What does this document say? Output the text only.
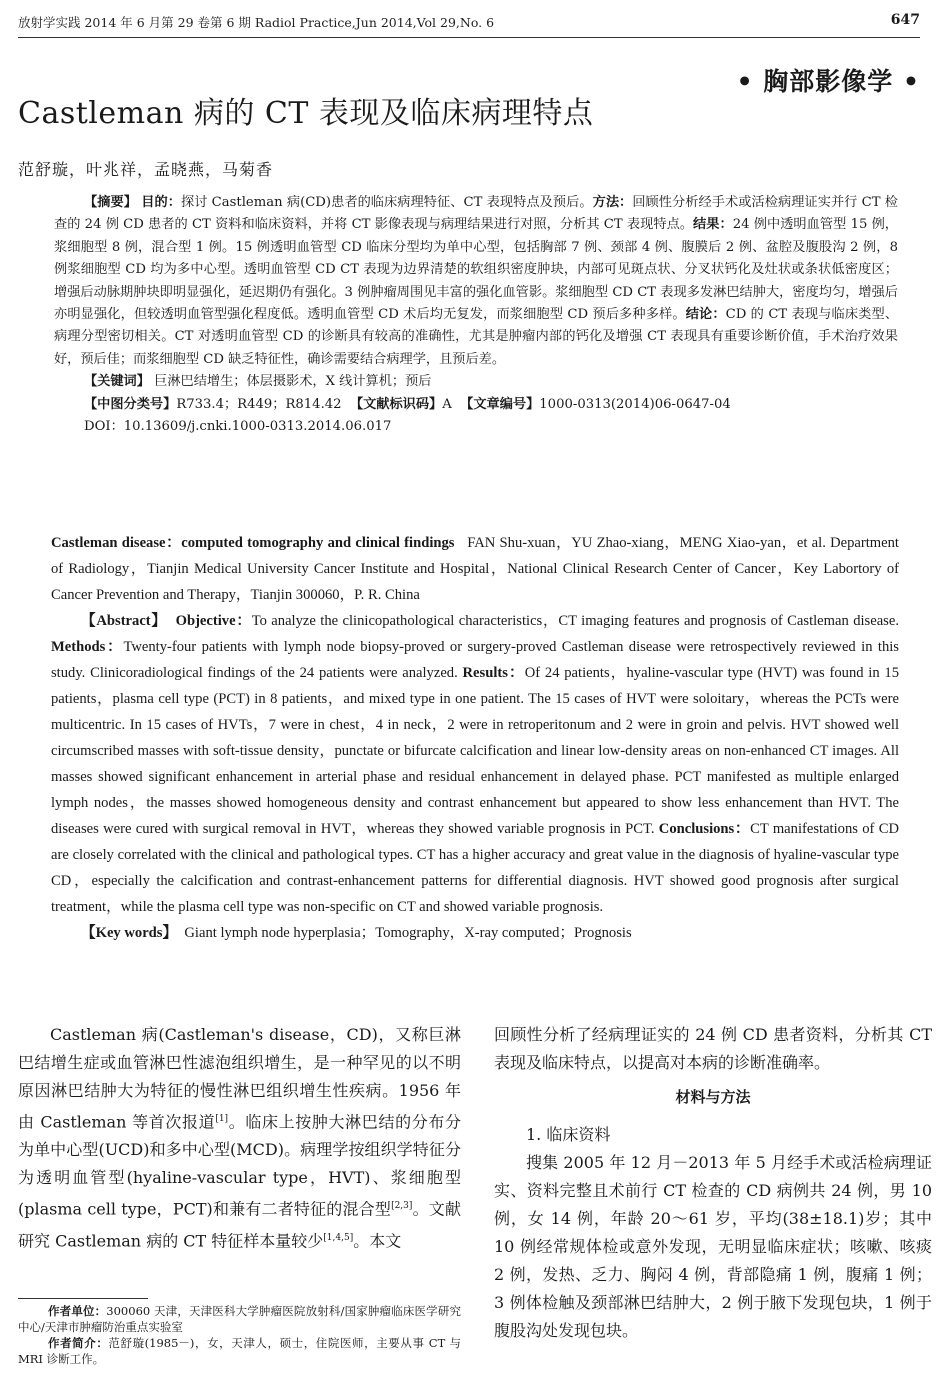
放射学实践 2014 年 6 月第 29 卷第 6 期 Radiol Practice,Jun 2014,Vol 29,No. 6	647
• 胸部影像学 •
Castleman 病的 CT 表现及临床病理特点
范舒璇，叶兆祥，孟晓燕，马菊香

【摘要】 目的：探讨 Castleman 病(CD)患者的临床病理特征、CT 表现特点及预后。方法：回顾性分析经手术或活检病理证实并行 CT 检查的 24 例 CD 患者的 CT 资料和临床资料，并将 CT 影像表现与病理结果进行对照，分析其 CT 表现特点。结果：24 例中透明血管型 15 例，浆细胞型 8 例，混合型 1 例。15 例透明血管型 CD 临床分型均为单中心型，包括胸部 7 例、颈部 4 例、腹膜后 2 例、盆腔及腹股沟 2 例，8 例浆细胞型 CD 均为多中心型。透明血管型 CD CT 表现为边界清楚的软组织密度肿块，内部可见斑点状、分叉状钙化及灶状或条状低密度区；增强后动脉期肿块即明显强化，延迟期仍有强化。3 例肿瘤周围见丰富的强化血管影。浆细胞型 CD CT 表现多发淋巴结肿大，密度均匀，增强后亦明显强化，但较透明血管型强化程度低。透明血管型 CD 术后均无复发，而浆细胞型 CD 预后多种多样。结论：CD 的 CT 表现与临床类型、病理分型密切相关。CT 对透明血管型 CD 的诊断具有较高的准确性，尤其是肿瘤内部的钙化及增强 CT 表现具有重要诊断价值，手术治疗效果好，预后佳；而浆细胞型 CD 缺乏特征性，确诊需要结合病理学，且预后差。

【关键词】 巨淋巴结增生；体层摄影术，X 线计算机；预后

【中图分类号】R733.4；R449；R814.42 【文献标识码】A 【文章编号】1000-0313(2014)06-0647-04

DOI：10.13609/j.cnki.1000-0313.2014.06.017

Castleman disease：computed tomography and clinical findings FAN Shu-xuan，YU Zhao-xiang，MENG Xiao-yan，et al. Department of Radiology，Tianjin Medical University Cancer Institute and Hospital，National Clinical Research Center of Cancer，Key Labortory of Cancer Prevention and Therapy，Tianjin 300060，P. R. China

【Abstract】 Objective：To analyze the clinicopathological characteristics，CT imaging features and prognosis of Castleman disease. Methods：Twenty-four patients with lymph node biopsy-proved or surgery-proved Castleman disease were retrospectively reviewed in this study. Clinicoradiological findings of the 24 patients were analyzed. Results：Of 24 patients，hyaline-vascular type (HVT) was found in 15 patients，plasma cell type (PCT) in 8 patients，and mixed type in one patient. The 15 cases of HVT were soloitary，whereas the PCTs were multicentric. In 15 cases of HVTs，7 were in chest，4 in neck，2 were in retroperitonum and 2 were in groin and pelvis. HVT showed well circumscribed masses with soft-tissue density，punctate or bifurcate calcification and linear low-density areas on non-enhanced CT images. All masses showed significant enhancement in arterial phase and residual enhancement in delayed phase. PCT manifested as multiple enlarged lymph nodes，the masses showed homogeneous density and contrast enhancement but appeared to show less enhancement than HVT. The diseases were cured with surgical removal in HVT，whereas they showed variable prognosis in PCT. Conclusions：CT manifestations of CD are closely correlated with the clinical and pathological types. CT has a higher accuracy and great value in the diagnosis of hyaline-vascular type CD，especially the calcification and contrast-enhancement patterns for differential diagnosis. HVT showed good prognosis after surgical treatment，while the plasma cell type was non-specific on CT and showed variable prognosis.

【Key words】 Giant lymph node hyperplasia；Tomography，X-ray computed；Prognosis

Castleman 病(Castleman's disease，CD)，又称巨淋巴结增生症或血管淋巴性滤泡组织增生，是一种罕见的以不明原因淋巴结肿大为特征的慢性淋巴组织增生性疾病。1956 年由 Castleman 等首次报道[1]。临床上按肿大淋巴结的分布分为单中心型(UCD)和多中心型(MCD)。病理学按组织学特征分为透明血管型(hyaline-vascular type，HVT)、浆细胞型(plasma cell type，PCT)和兼有二者特征的混合型[2,3]。文献研究 Castleman 病的 CT 特征样本量较少[1,4,5]。本文

回顾性分析了经病理证实的 24 例 CD 患者资料，分析其 CT 表现及临床特点，以提高对本病的诊断准确率。

材料与方法

1. 临床资料

搜集 2005 年 12 月－2013 年 5 月经手术或活检病理证实、资料完整且术前行 CT 检查的 CD 病例共 24 例，男 10 例，女 14 例，年龄 20～61 岁，平均(38±18.1)岁；其中 10 例经常规体检或意外发现，无明显临床症状；咳嗽、咳痰 2 例，发热、乏力、胸闷 4 例，背部隐痛 1 例，腹痛 1 例；3 例体检触及颈部淋巴结肿大，2 例于腋下发现包块，1 例于腹股沟处发现包块。

作者单位：300060 天津，天津医科大学肿瘤医院放射科/国家肿瘤临床医学研究中心/天津市肿瘤防治重点实验室

作者简介：范舒璇(1985－)，女，天津人，硕士，住院医师，主要从事 CT 与 MRI 诊断工作。
